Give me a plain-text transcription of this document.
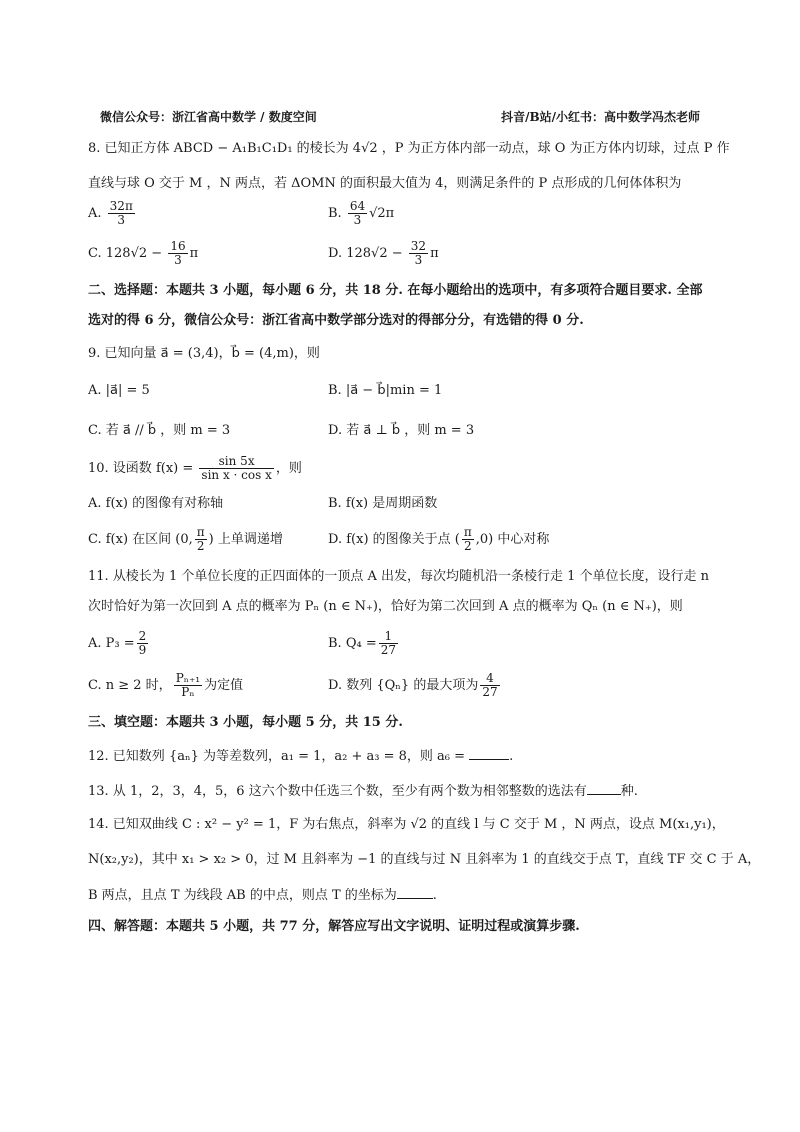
微信公众号：浙江省高中数学 / 数度空间	抖音/B站/小红书：高中数学冯杰老师
8. 已知正方体 ABCD − A₁B₁C₁D₁ 的棱长为 4√2 ，P 为正方体内部一动点，球 O 为正方体内切球，过点 P 作
直线与球 O 交于 M ，N 两点，若 ΔOMN 的面积最大值为 4，则满足条件的 P 点形成的几何体体积为
A. $\frac{32\pi}{3}$	B. $\frac{64}{3} √2\pi$
C. $128√2 - \frac{16}{3}$ π	D. $128√2 - \frac{32}{3}$ π
二、选择题：本题共 3 小题，每小题 6 分，共 18 分. 在每小题给出的选项中，有多项符合题目要求. 全部
选对的得 6 分，微信公众号：浙江省高中数学部分选对的得部分分，有选错的得 0 分.
9. 已知向量 a⃗ = (3,4)，b⃗ = (4,m)，则
A. |a⃗| = 5	B. |a⃗ − b⃗|min = 1
C. 若 a⃗ // b⃗ ，则 m = 3	D. 若 a⃗ ⊥ b⃗ ，则 m = 3
10. 设函数 $f(x) = \frac{\sin 5x}{\text{sin x · cos x}}$ ，则
A. f(x) 的图像有对称轴	B. f(x) 是周期函数
C. f(x) 在区间 (0, $\frac{\pi}{2}$ ) 上单调递增	D. f(x) 的图像关于点 ( $\frac{\pi}{2} ,0$) 中心对称
11. 从棱长为 1 个单位长度的正四面体的一顶点 A 出发，每次均随机沿一条棱行走 1 个单位长度，设行走 n
次时恰好为第一次回到 A 点的概率为 Pₙ (n ∈ N₊)，恰好为第二次回到 A 点的概率为 Qₙ (n ∈ N₊)，则
A. $P_3 = \frac{2}{9}$	B. $Q_4 = \frac{1}{27}$
C. n ≥ 2 时， $\frac{\text{Pₙ₊₁}}{\text{Pₙ}}$ 为定值	D. 数列 {Qₙ} 的最大项为 $\frac{4}{27}$
三、填空题：本题共 3 小题，每小题 5 分，共 15 分.
12. 已知数列 {aₙ} 为等差数列，a₁ = 1，a₂ + a₃ = 8，则 a₆ =	.
13. 从 1，2，3，4，5，6 这六个数中任选三个数，至少有两个数为相邻整数的选法有	种.
14. 已知双曲线 C : x² − y² = 1，F 为右焦点，斜率为 √2 的直线 l 与 C 交于 M ，N 两点，设点 M(x₁,y₁)，
N(x₂,y₂)，其中 x₁ > x₂ > 0，过 M 且斜率为 −1 的直线与过 N 且斜率为 1 的直线交于点 T，直线 TF 交 C 于 A，
B 两点，且点 T 为线段 AB 的中点，则点 T 的坐标为	.
四、解答题：本题共 5 小题，共 77 分，解答应写出文字说明、证明过程或演算步骤.
